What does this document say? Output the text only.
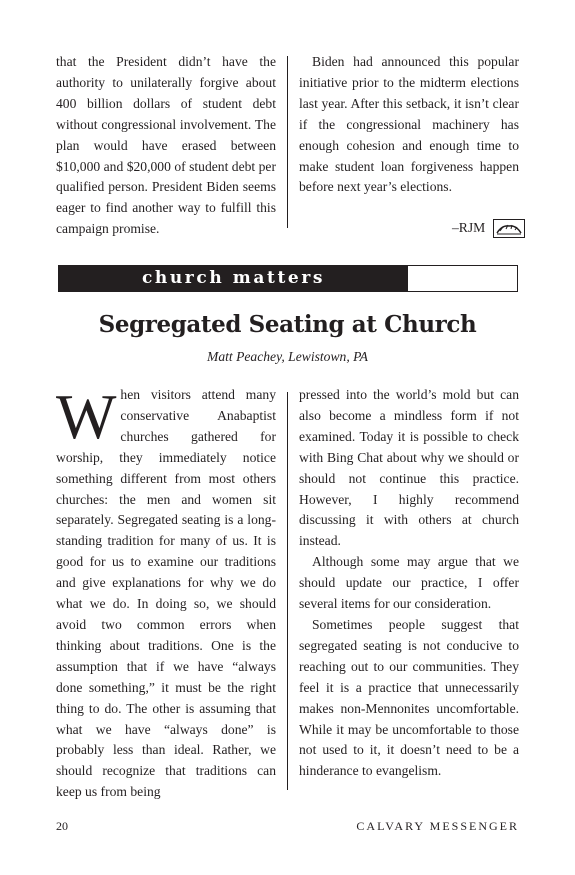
that the President didn’t have the authority to unilaterally forgive about 400 billion dollars of student debt without congressional involvement. The plan would have erased between $10,000 and $20,000 of student debt per qualified person. President Biden seems eager to find another way to fulfill this campaign promise.

Biden had announced this popular initiative prior to the midterm elections last year. After this setback, it isn’t clear if the congressional machinery has enough cohesion and enough time to make student loan forgiveness happen before next year’s elections.

–RJM
church matters
Segregated Seating at Church
Matt Peachey, Lewistown, PA

When visitors attend many conservative Anabaptist churches gathered for worship, they immediately notice something different from most others churches: the men and women sit separately. Segregated seating is a long-standing tradition for many of us. It is good for us to examine our traditions and give explanations for why we do what we do. In doing so, we should avoid two common errors when thinking about traditions. One is the assumption that if we have “always done something,” it must be the right thing to do. The other is assuming that what we have “always done” is probably less than ideal. Rather, we should recognize that traditions can keep us from being

pressed into the world’s mold but can also become a mindless form if not examined. Today it is possible to check with Bing Chat about why we should or should not continue this practice. However, I highly recommend discussing it with others at church instead.

Although some may argue that we should update our practice, I offer several items for our consideration.

Sometimes people suggest that segregated seating is not conducive to reaching out to our communities. They feel it is a practice that unnecessarily makes non-Mennonites uncomfortable. While it may be uncomfortable to those not used to it, it doesn’t need to be a hinderance to evangelism.

20	CALVARY MESSENGER
